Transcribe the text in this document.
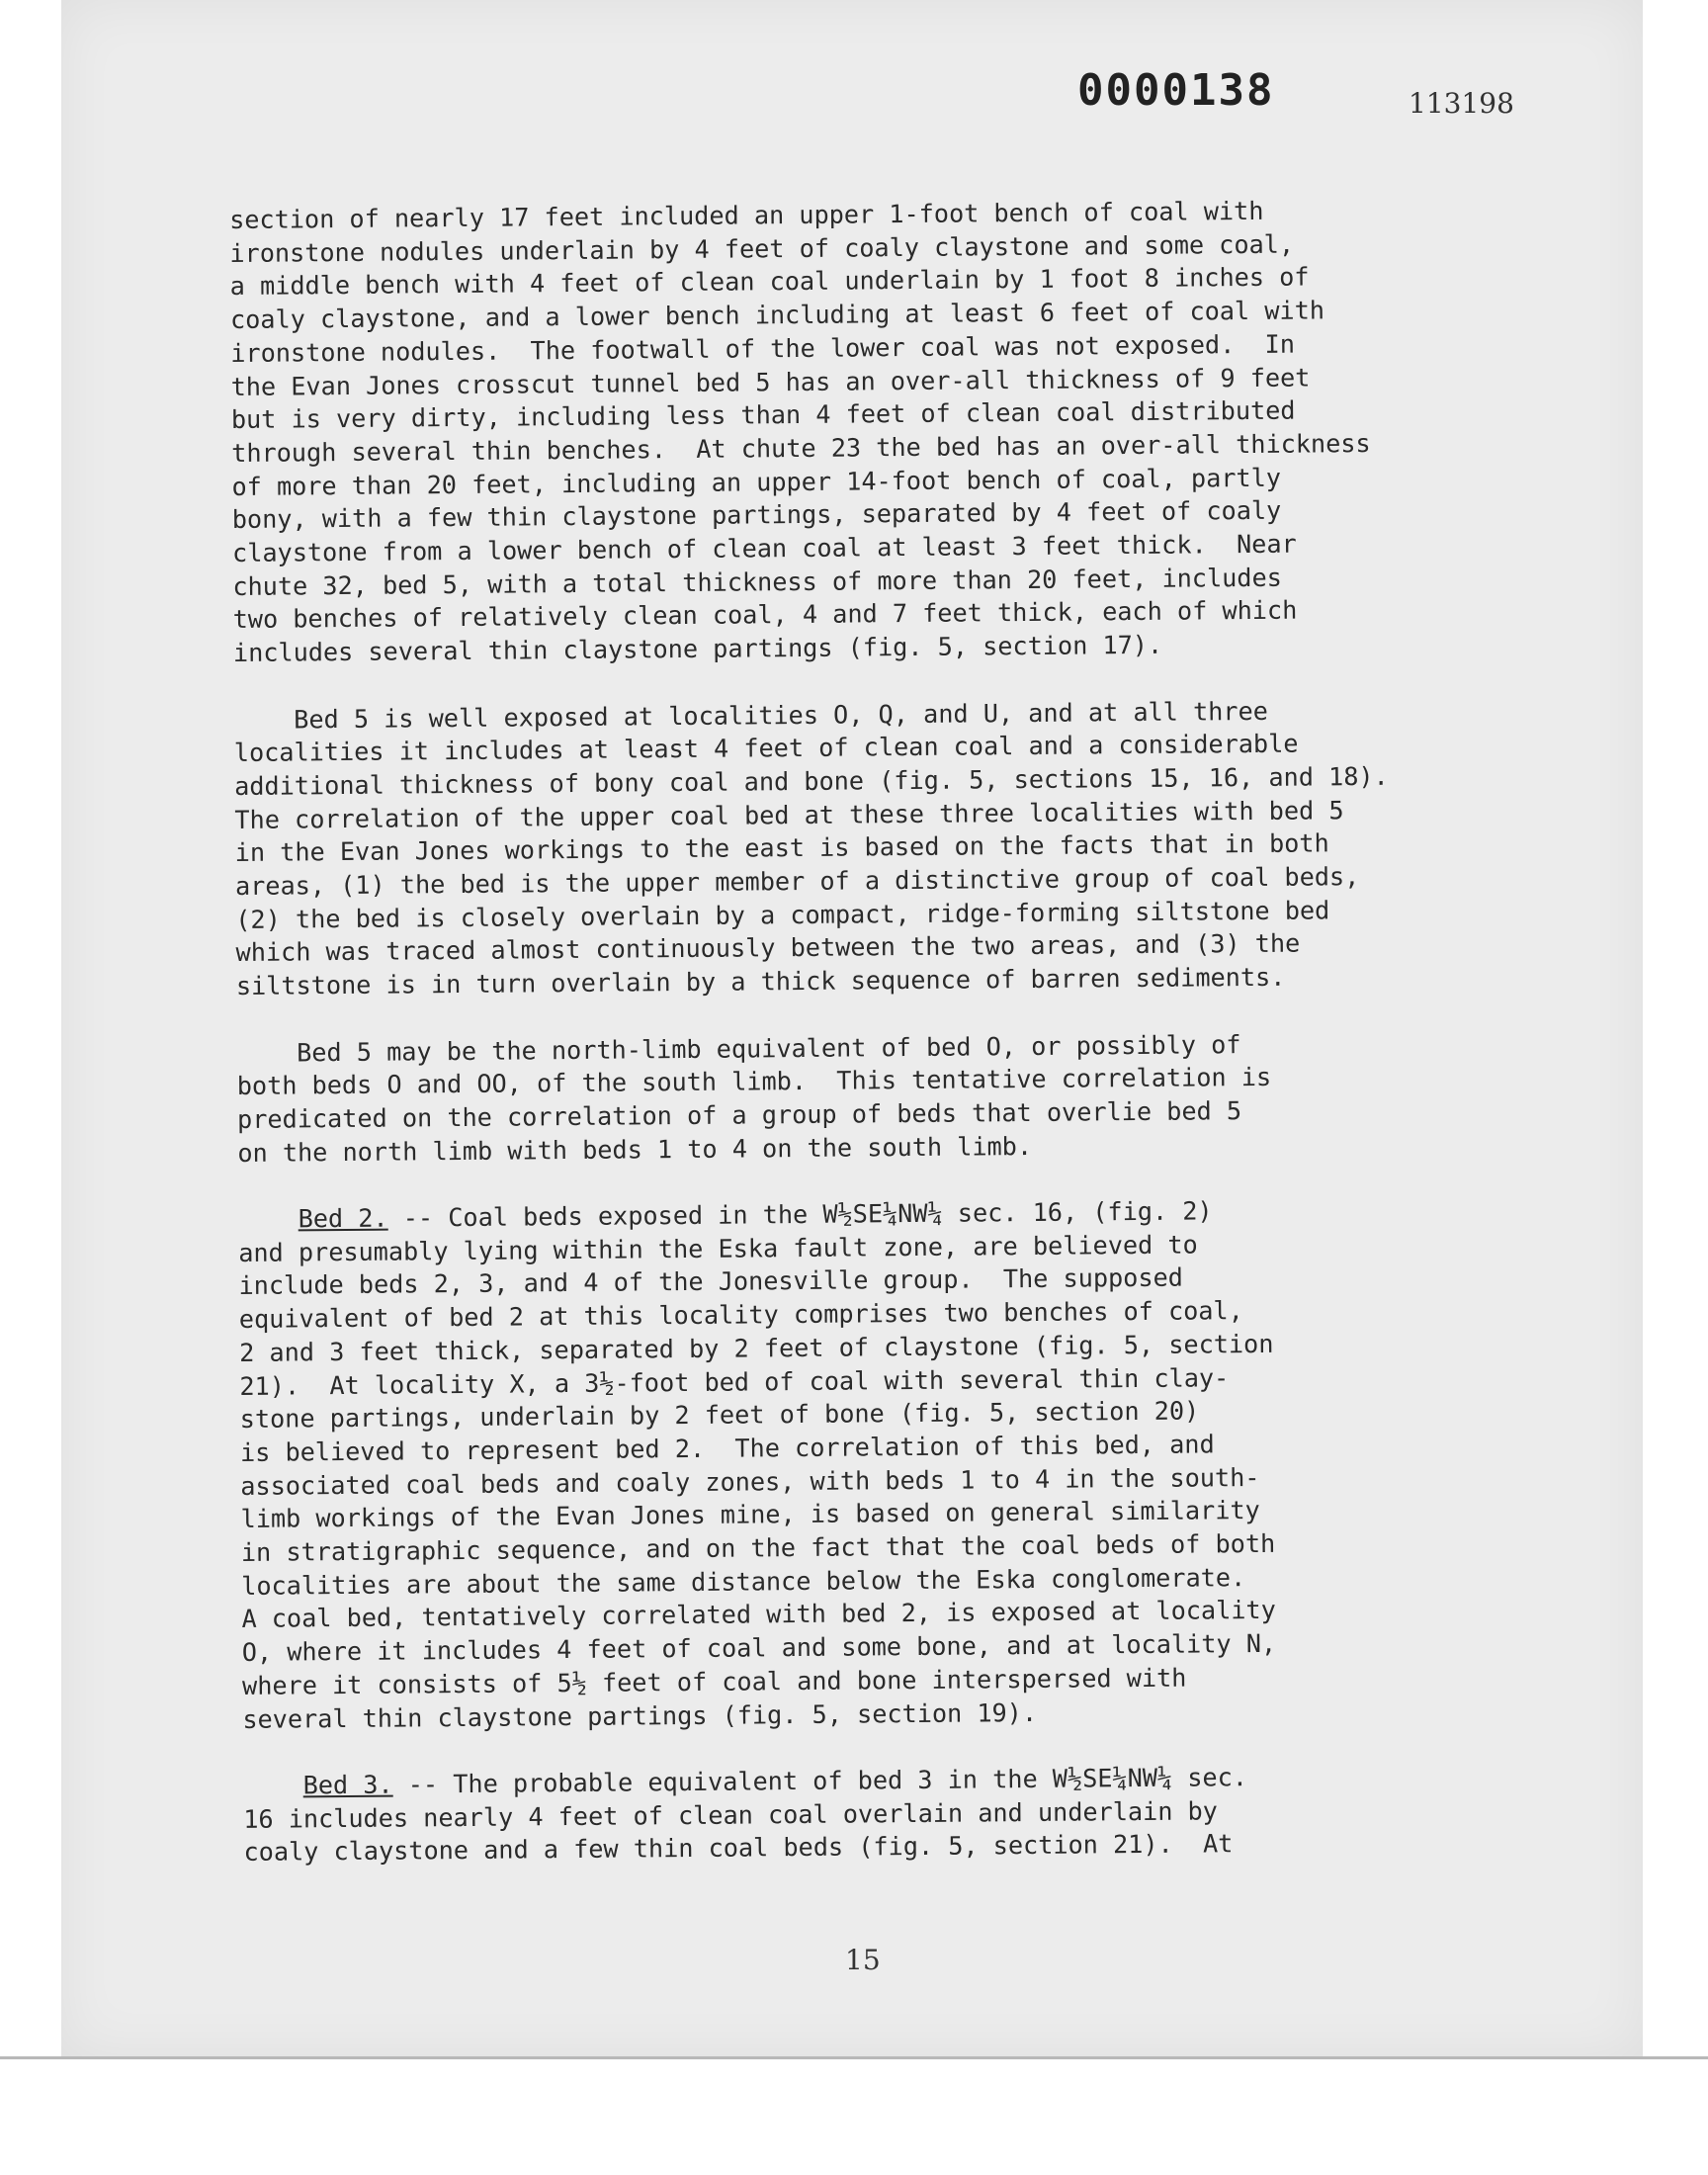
0000138	113198
section of nearly 17 feet included an upper 1-foot bench of coal with
ironstone nodules underlain by 4 feet of coaly claystone and some coal,
a middle bench with 4 feet of clean coal underlain by 1 foot 8 inches of
coaly claystone, and a lower bench including at least 6 feet of coal with
ironstone nodules.  The footwall of the lower coal was not exposed.  In
the Evan Jones crosscut tunnel bed 5 has an over-all thickness of 9 feet
but is very dirty, including less than 4 feet of clean coal distributed
through several thin benches.  At chute 23 the bed has an over-all thickness
of more than 20 feet, including an upper 14-foot bench of coal, partly
bony, with a few thin claystone partings, separated by 4 feet of coaly
claystone from a lower bench of clean coal at least 3 feet thick.  Near
chute 32, bed 5, with a total thickness of more than 20 feet, includes
two benches of relatively clean coal, 4 and 7 feet thick, each of which
includes several thin claystone partings (fig. 5, section 17).
Bed 5 is well exposed at localities O, Q, and U, and at all three
localities it includes at least 4 feet of clean coal and a considerable
additional thickness of bony coal and bone (fig. 5, sections 15, 16, and 18).
The correlation of the upper coal bed at these three localities with bed 5
in the Evan Jones workings to the east is based on the facts that in both
areas, (1) the bed is the upper member of a distinctive group of coal beds,
(2) the bed is closely overlain by a compact, ridge-forming siltstone bed
which was traced almost continuously between the two areas, and (3) the
siltstone is in turn overlain by a thick sequence of barren sediments.
Bed 5 may be the north-limb equivalent of bed O, or possibly of
both beds O and OO, of the south limb.  This tentative correlation is
predicated on the correlation of a group of beds that overlie bed 5
on the north limb with beds 1 to 4 on the south limb.
Bed 2. -- Coal beds exposed in the W½SE¼NW¼ sec. 16, (fig. 2)
and presumably lying within the Eska fault zone, are believed to
include beds 2, 3, and 4 of the Jonesville group.  The supposed
equivalent of bed 2 at this locality comprises two benches of coal,
2 and 3 feet thick, separated by 2 feet of claystone (fig. 5, section
21).  At locality X, a 3½-foot bed of coal with several thin clay-
stone partings, underlain by 2 feet of bone (fig. 5, section 20)
is believed to represent bed 2.  The correlation of this bed, and
associated coal beds and coaly zones, with beds 1 to 4 in the south-
limb workings of the Evan Jones mine, is based on general similarity
in stratigraphic sequence, and on the fact that the coal beds of both
localities are about the same distance below the Eska conglomerate.
A coal bed, tentatively correlated with bed 2, is exposed at locality
O, where it includes 4 feet of coal and some bone, and at locality N,
where it consists of 5½ feet of coal and bone interspersed with
several thin claystone partings (fig. 5, section 19).
Bed 3. -- The probable equivalent of bed 3 in the W½SE¼NW¼ sec.
16 includes nearly 4 feet of clean coal overlain and underlain by
coaly claystone and a few thin coal beds (fig. 5, section 21).  At
15
